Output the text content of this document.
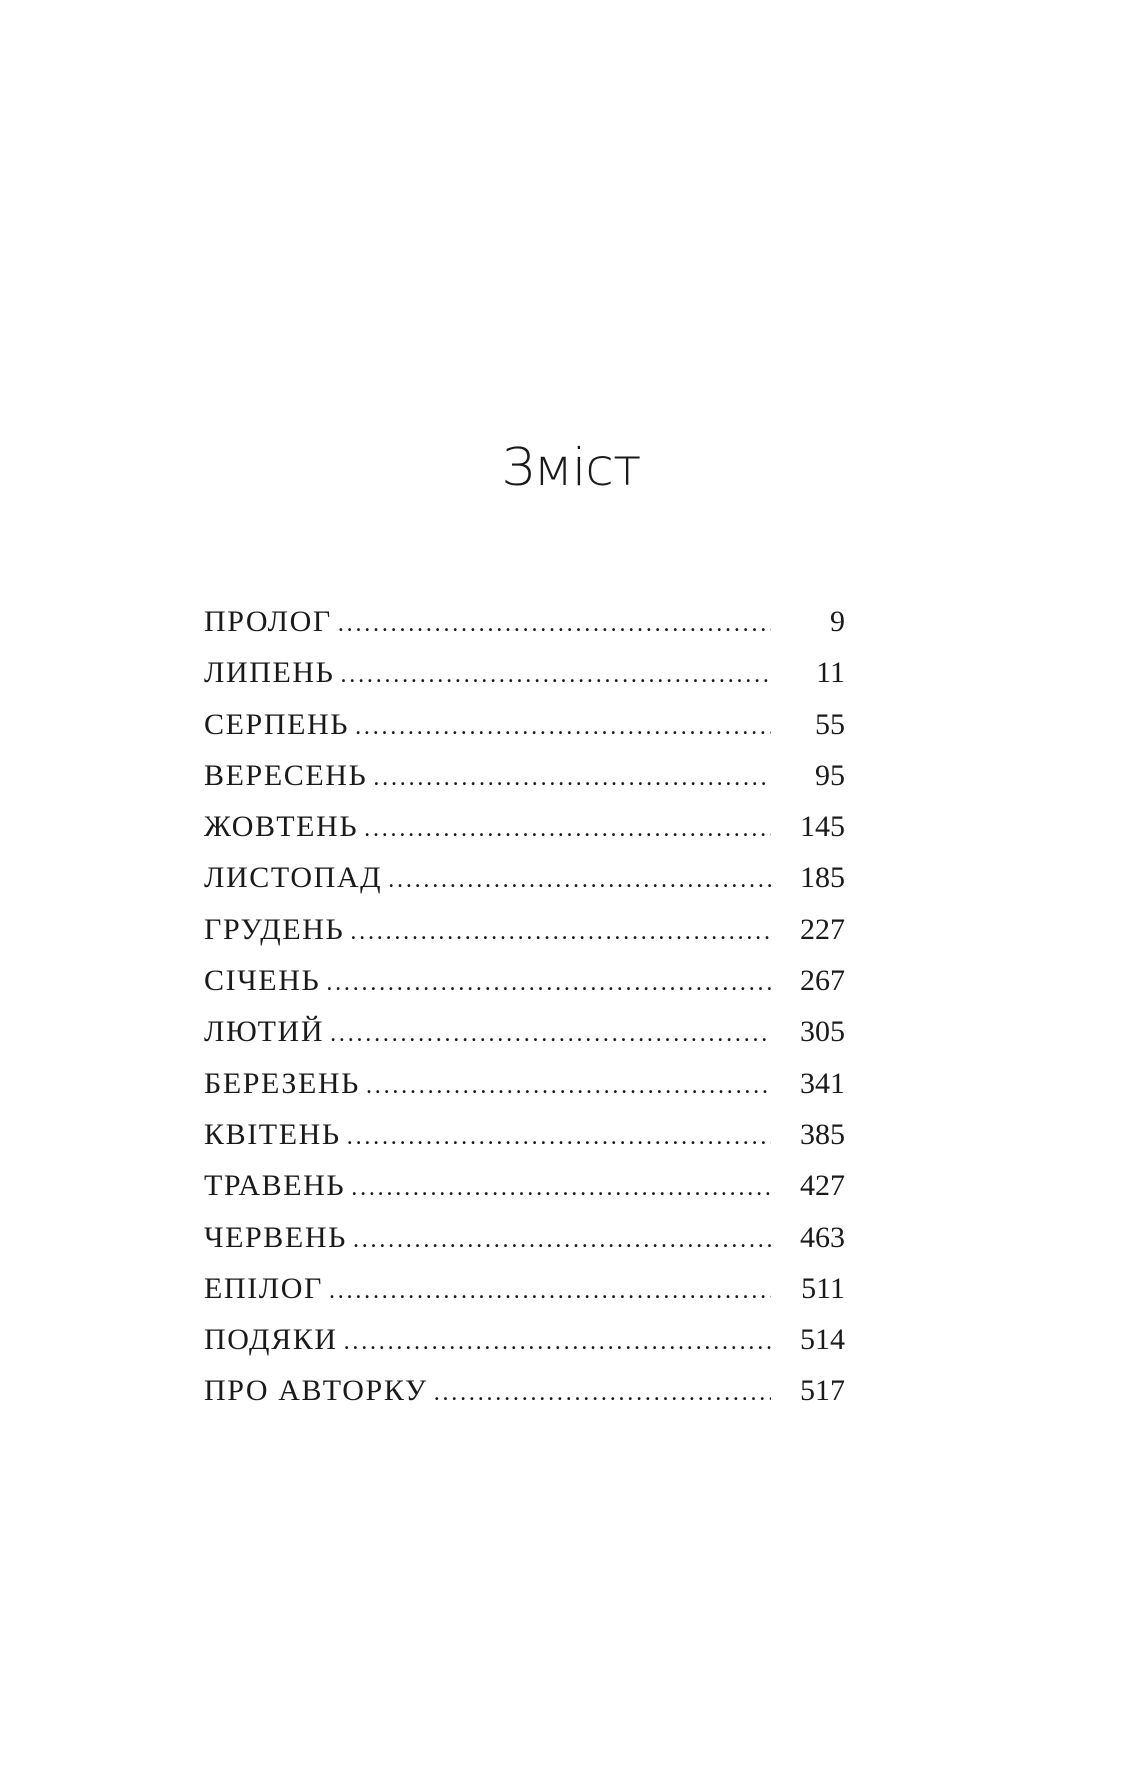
Зміст
ПРОЛОГ . . .	9
ЛИПЕНЬ . . .	11
СЕРПЕНЬ . . .	55
ВЕРЕСЕНЬ . . .	95
ЖОВТЕНЬ . . .	145
ЛИСТОПАД . . .	185
ГРУДЕНЬ . . .	227
СІЧЕНЬ . . .	267
ЛЮТИЙ . . .	305
БЕРЕЗЕНЬ . . .	341
КВІТЕНЬ . . .	385
ТРАВЕНЬ . . .	427
ЧЕРВЕНЬ . . .	463
ЕПІЛОГ . . .	511
ПОДЯКИ . . .	514
ПРО АВТОРКУ . . .	517
